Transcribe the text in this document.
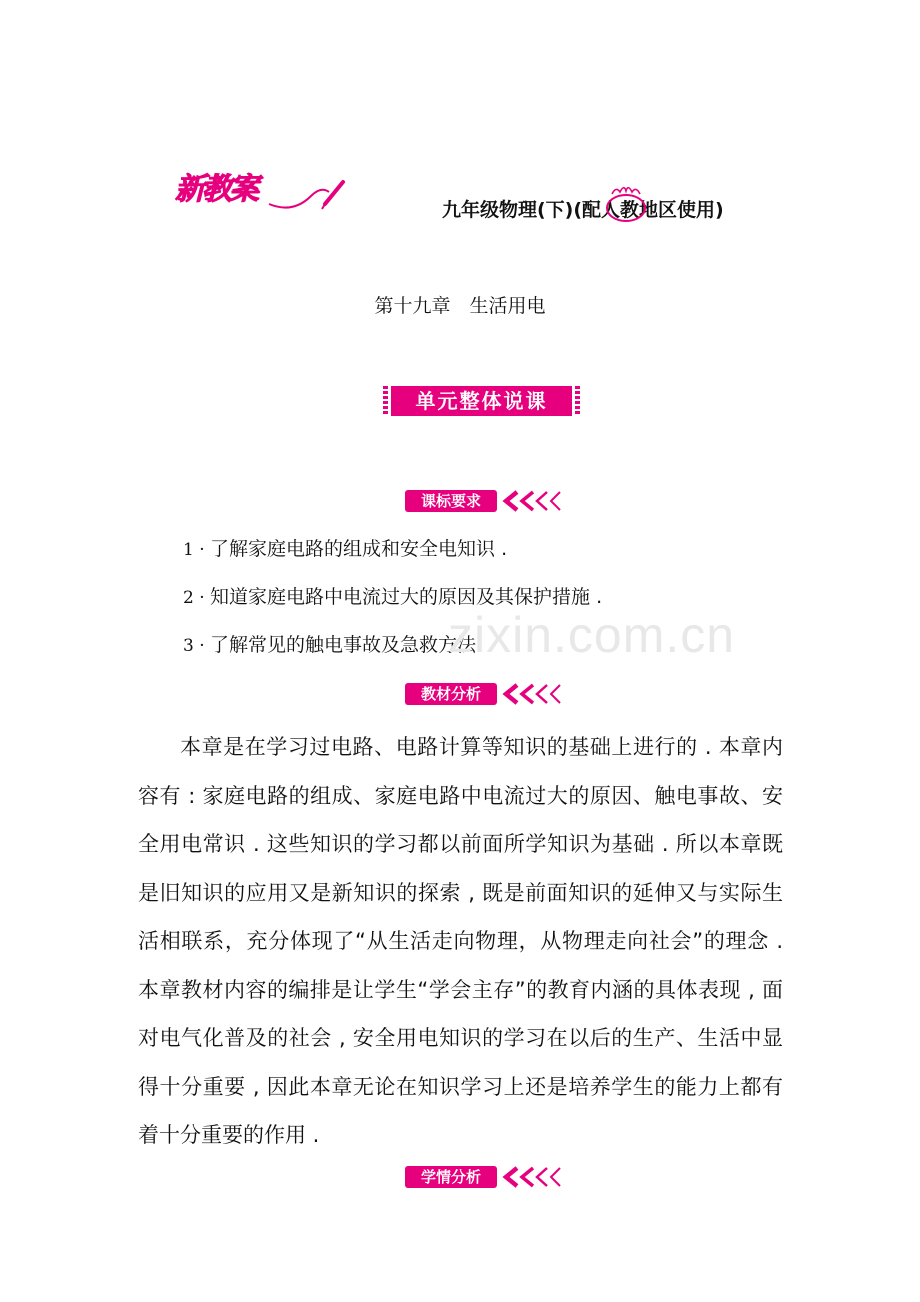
新教案
九年级物理(下)(配人教地区使用)
第十九章　生活用电
单元整体说课
课标要求
1 · 了解家庭电路的组成和安全电知识 .
2 · 知道家庭电路中电流过大的原因及其保护措施 .
3 · 了解常见的触电事故及急救方法
zixin.com.cn
教材分析

本章是在学习过电路、电路计算等知识的基础上进行的 . 本章内容有 : 家庭电路的组成、家庭电路中电流过大的原因、触电事故、安全用电常识 . 这些知识的学习都以前面所学知识为基础 . 所以本章既是旧知识的应用又是新知识的探索 , 既是前面知识的延伸又与实际生活相联系，充分体现了“从生活走向物理，从物理走向社会”的理念 . 本章教材内容的编排是让学生“学会主存”的教育内涵的具体表现 , 面对电气化普及的社会 , 安全用电知识的学习在以后的生产、生活中显得十分重要 , 因此本章无论在知识学习上还是培养学生的能力上都有着十分重要的作用 .

学情分析
